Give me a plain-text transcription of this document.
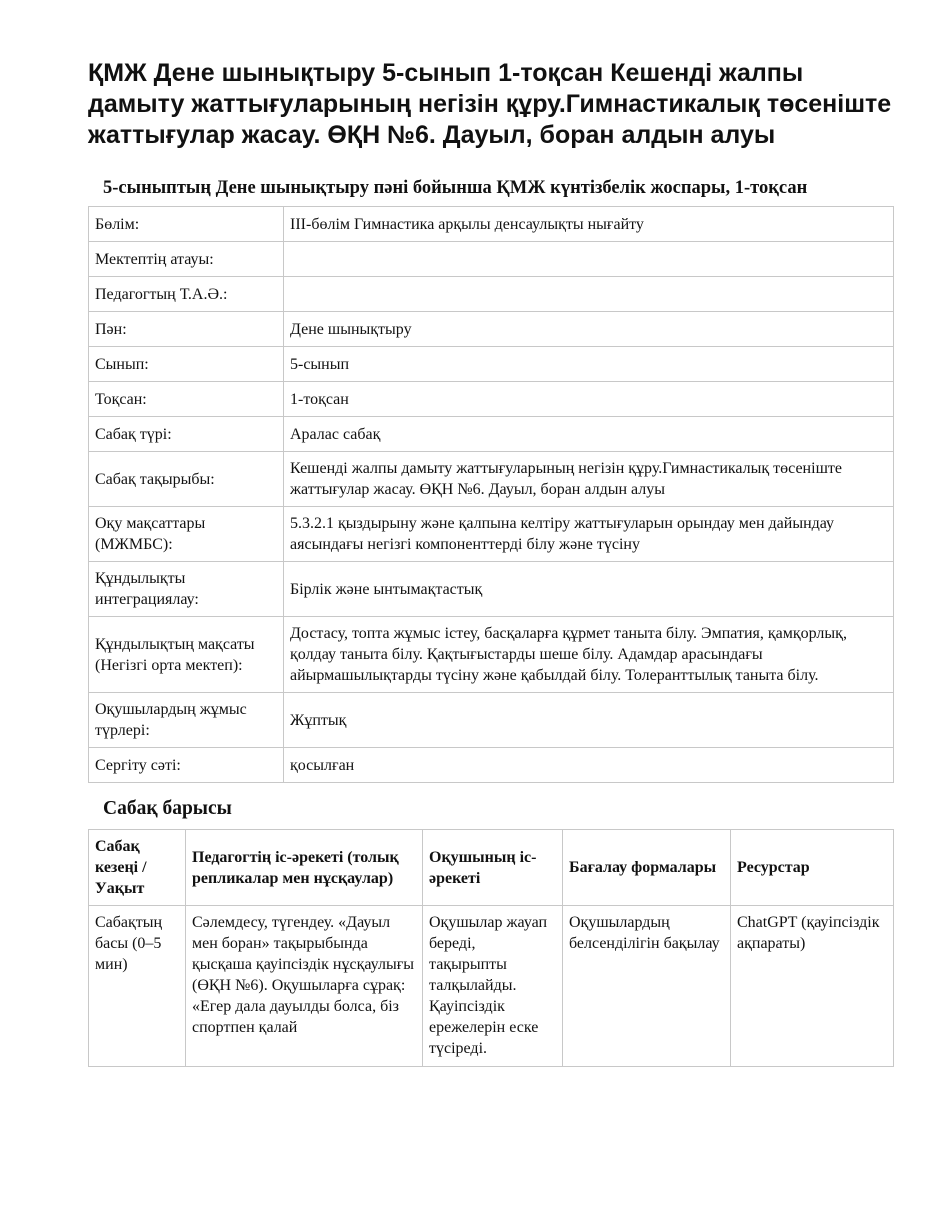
ҚМЖ Дене шынықтыру 5-сынып 1-тоқсан Кешенді жалпы дамыту жаттығуларының негізін құру.Гимнастикалық төсеніште жаттығулар жасау. ӨҚН №6. Дауыл, боран алдын алуы
5-сыныптың Дене шынықтыру пәні бойынша ҚМЖ күнтізбелік жоспары, 1-тоқсан
Бөлім:	ІІІ-бөлім Гимнастика арқылы денсаулықты нығайту
Мектептің атауы:	
Педагогтың Т.А.Ә.:	
Пән:	Дене шынықтыру
Сынып:	5-сынып
Тоқсан:	1-тоқсан
Сабақ түрі:	Аралас сабақ
Сабақ тақырыбы:	Кешенді жалпы дамыту жаттығуларының негізін құру.Гимнастикалық төсеніште жаттығулар жасау. ӨҚН №6. Дауыл, боран алдын алуы
Оқу мақсаттары (МЖМБС):	5.3.2.1 қыздырыну және қалпына келтіру жаттығуларын орындау мен дайындау аясындағы негізгі компоненттерді білу және түсіну
Құндылықты интеграциялау:	Бірлік және ынтымақтастық
Құндылықтың мақсаты (Негізгі орта мектеп):	Достасу, топта жұмыс істеу, басқаларға құрмет таныта білу. Эмпатия, қамқорлық, қолдау таныта білу. Қақтығыстарды шеше білу. Адамдар арасындағы айырмашылықтарды түсіну және қабылдай білу. Толеранттылық таныта білу.
Оқушылардың жұмыс түрлері:	Жұптық
Сергіту сәті:	қосылған
Сабақ барысы
Сабақ кезеңі / Уақыт	Педагогтің іс-әрекеті (толық репликалар мен нұсқаулар)	Оқушының іс-әрекеті	Бағалау формалары	Ресурстар
Сабақтың басы (0–5 мин)	Сәлемдесу, түгендеу. «Дауыл мен боран» тақырыбында қысқаша қауіпсіздік нұсқаулығы (ӨҚН №6). Оқушыларға сұрақ: «Егер дала дауылды болса, біз спортпен қалай	Оқушылар жауап береді, тақырыпты талқылайды. Қауіпсіздік ережелерін еске түсіреді.	Оқушылардың белсенділігін бақылау	ChatGPT (қауіпсіздік ақпараты)
